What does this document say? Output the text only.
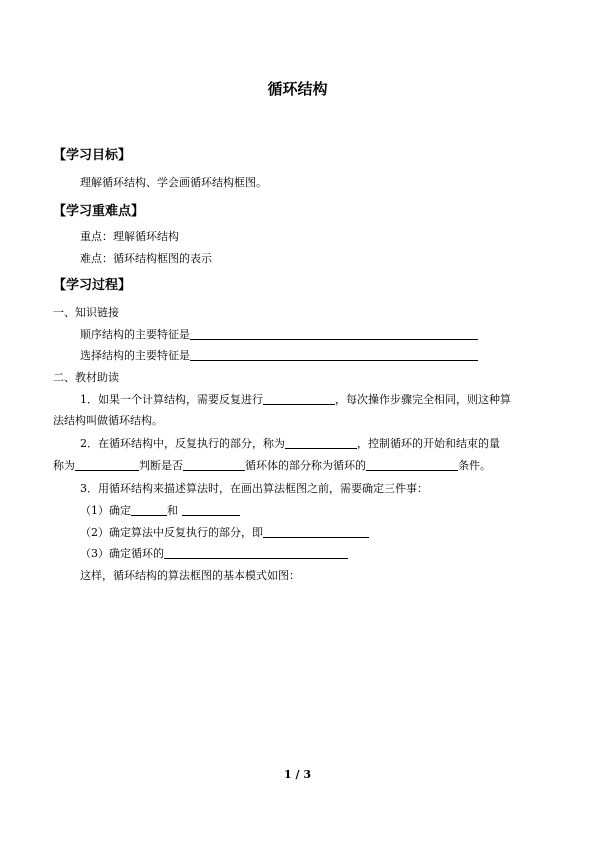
循环结构
【学习目标】
理解循环结构、学会画循环结构框图。
【学习重难点】
重点：理解循环结构
难点：循环结构框图的表示
【学习过程】
一、知识链接
顺序结构的主要特征是
选择结构的主要特征是
二、教材助读
1．如果一个计算结构，需要反复进行	，每次操作步骤完全相同，则这种算
法结构叫做循环结构。
2．在循环结构中，反复执行的部分，称为	，控制循环的开始和结束的量
称为	判断是否	循环体的部分称为循环的	条件。
3．用循环结构来描述算法时，在画出算法框图之前，需要确定三件事：
（1）确定	和
（2）确定算法中反复执行的部分，即
（3）确定循环的
这样，循环结构的算法框图的基本模式如图：
1 / 3
